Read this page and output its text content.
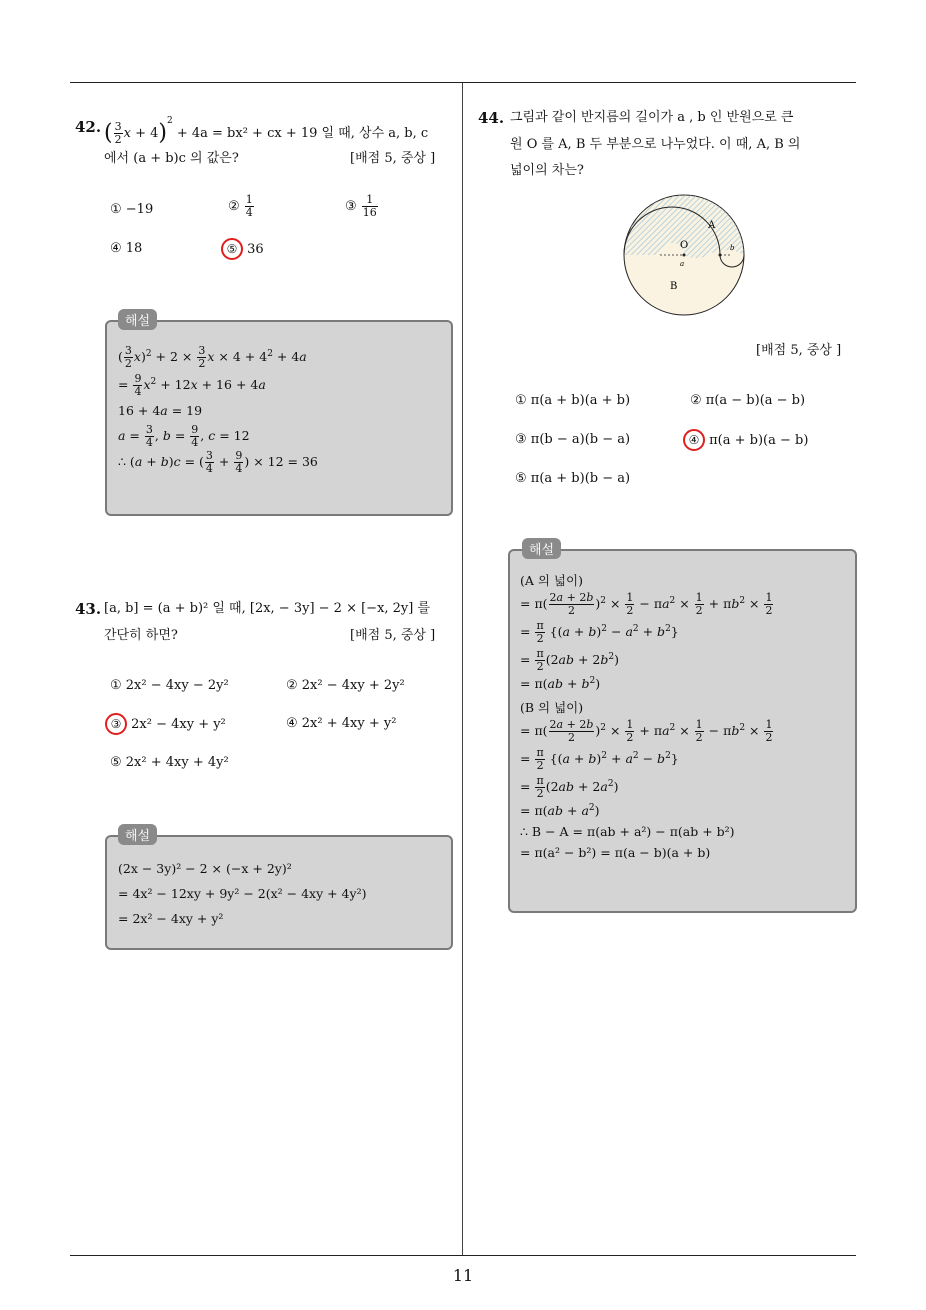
11
42. ( $\frac{3}{2}$ x + 4)$^2$ + 4a = bx² + cx + 19 일 때, 상수 a, b, c
에서 (a + b)c 의 값은?	[배점 5, 중상 ]
① −19	② $\frac{1}{4}$	③ $\frac{1}{16}$
④ 18	⑤ 36
해설
( $\frac{3}{2} x)^2 + 2 \times \frac{3}{2}$ $x \times 4 + 4^2 + 4a$
= $\frac{9}{4} x^2 + 12x + 16 + 4a$
16 + 4a = 19
$a = \frac{3}{4}$ , $b = \frac{9}{4}$ , c = 12
∴ (a + b)c = ( $\frac{3}{4} + \frac{9}{4}$ ) × 12 = 36
43. [a, b] = (a + b)² 일 때, [2x, − 3y] − 2 × [−x, 2y] 를
간단히 하면?	[배점 5, 중상 ]
① 2x² − 4xy − 2y²	② 2x² − 4xy + 2y²
③ 2x² − 4xy + y²	④ 2x² + 4xy + y²
⑤ 2x² + 4xy + 4y²
해설
(2x − 3y)² − 2 × (−x + 2y)²
= 4x² − 12xy + 9y² − 2(x² − 4xy + 4y²)
= 2x² − 4xy + y²
44. 그림과 같이 반지름의 길이가 a , b 인 반원으로 큰
원 O 를 A, B 두 부분으로 나누었다. 이 때, A, B 의
넓이의 차는?
A
O
B
a
b
[배점 5, 중상 ]
① π(a + b)(a + b)	② π(a − b)(a − b)
③ π(b − a)(b − a)	④ π(a + b)(a − b)
⑤ π(a + b)(b − a)
해설
(A 의 넓이)
= $\pi( \frac{2a + 2b}{2} )^2 \times \frac{1}{2} - \pi a^2 \times \frac{1}{2} + \pi b^2 \times \frac{1}{2}$
= $\frac{\pi}{2} \{(a + b)^2 - a^2 + b^2\}$
= $\frac{\pi}{2} (2ab + 2b^2)$
= $\pi(ab + b^2)$
(B 의 넓이)
= $\pi( \frac{2a + 2b}{2} )^2 \times \frac{1}{2} + \pi a^2 \times \frac{1}{2} - \pi b^2 \times \frac{1}{2}$
= $\frac{\pi}{2} \{(a + b)^2 + a^2 - b^2\}$
= $\frac{\pi}{2} (2ab + 2a^2)$
= $\pi(ab + a^2)$
∴ B − A = π(ab + a²) − π(ab + b²)
= π(a² − b²) = π(a − b)(a + b)
